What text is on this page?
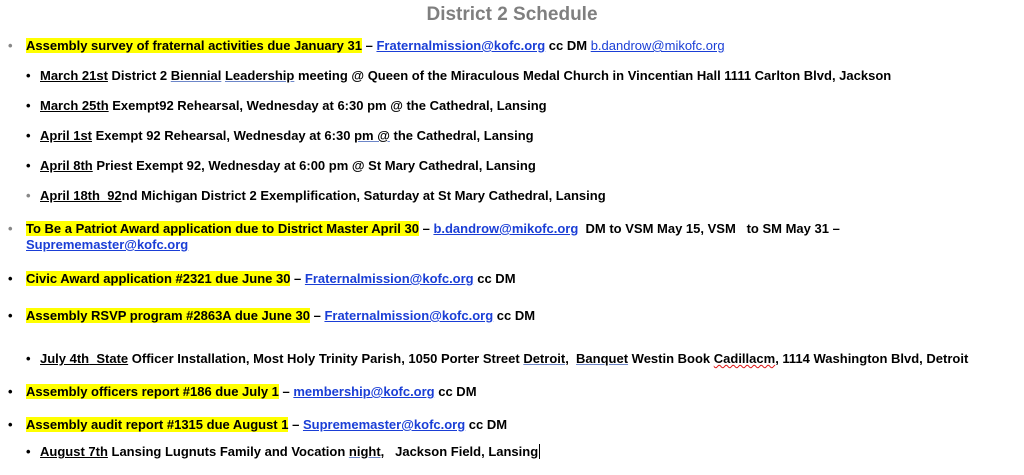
District 2 Schedule
• Assembly survey of fraternal activities due January 31 – Fraternalmission@kofc.org cc DM b.dandrow@mikofc.org
• March 21st District 2 Biennial Leadership meeting @ Queen of the Miraculous Medal Church in Vincentian Hall 1111 Carlton Blvd, Jackson
• March 25th Exempt92 Rehearsal, Wednesday at 6:30 pm @ the Cathedral, Lansing
• April 1st Exempt 92 Rehearsal, Wednesday at 6:30 pm @ the Cathedral, Lansing
• April 8th Priest Exempt 92, Wednesday at 6:00 pm @ St Mary Cathedral, Lansing
• April 18th  92nd Michigan District 2 Exemplification, Saturday at St Mary Cathedral, Lansing
• To Be a Patriot Award application due to District Master April 30 – b.dandrow@mikofc.org  DM to VSM May 15, VSM   to SM May 31 –
Suprememaster@kofc.org
• Civic Award application #2321 due June 30 – Fraternalmission@kofc.org cc DM
• Assembly RSVP program #2863A due June 30 – Fraternalmission@kofc.org cc DM
• July 4th  State Officer Installation, Most Holy Trinity Parish, 1050 Porter Street Detroit, Banquet Westin Book Cadillacm, 1114 Washington Blvd, Detroit
• Assembly officers report #186 due July 1 – membership@kofc.org cc DM
• Assembly audit report #1315 due August 1 – Suprememaster@kofc.org cc DM
• August 7th Lansing Lugnuts Family and Vocation night,   Jackson Field, Lansing
